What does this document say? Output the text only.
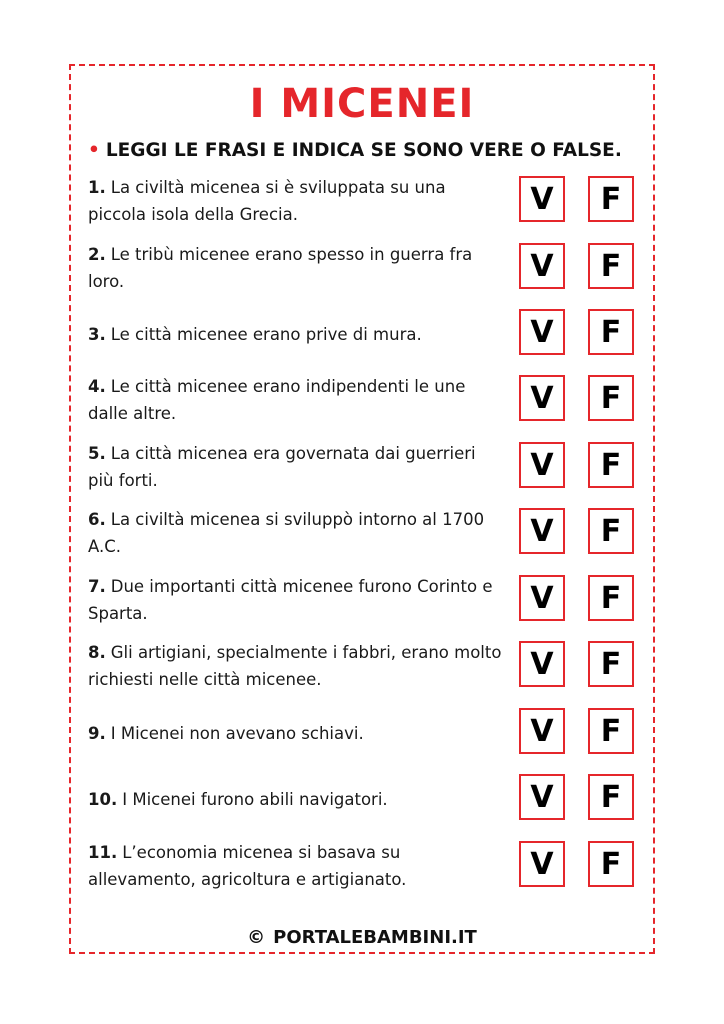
I MICENEI
• LEGGI LE FRASI E INDICA SE SONO VERE O FALSE.
1. La civiltà micenea si è sviluppata su una piccola isola della Grecia.	V	F
2. Le tribù micenee erano spesso in guerra fra loro.	V	F
3. Le città micenee erano prive di mura.	V	F
4. Le città micenee erano indipendenti le une dalle altre.	V	F
5. La città micenea era governata dai guerrieri più forti.	V	F
6. La civiltà micenea si sviluppò intorno al 1700 A.C.	V	F
7. Due importanti città micenee furono Corinto e Sparta.	V	F
8. Gli artigiani, specialmente i fabbri, erano molto richiesti nelle città micenee.	V	F
9. I Micenei non avevano schiavi.	V	F
10. I Micenei furono abili navigatori.	V	F
11. L’economia micenea si basava su allevamento, agricoltura e artigianato.	V	F
© PORTALEBAMBINI.IT
